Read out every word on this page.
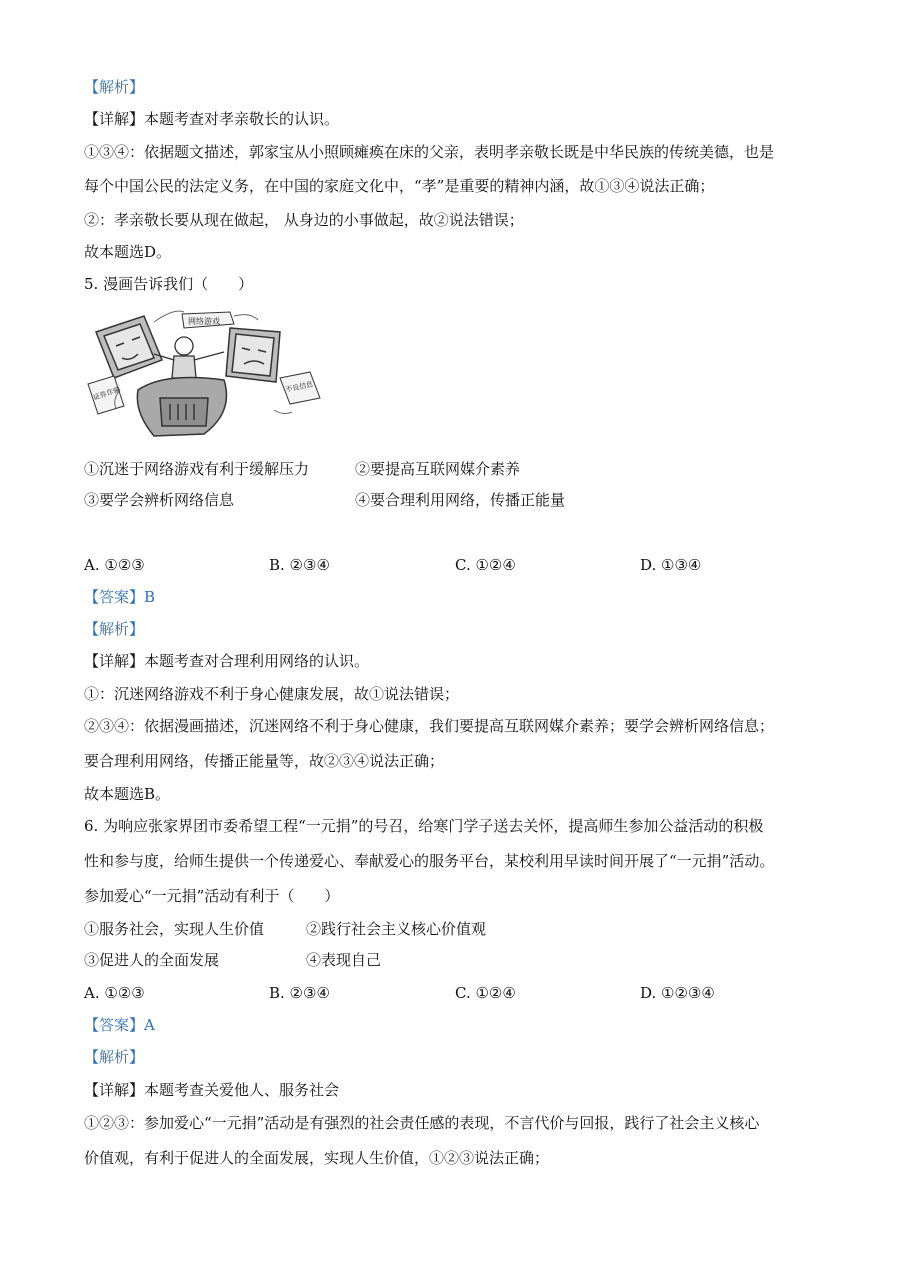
【解析】
【详解】本题考查对孝亲敬长的认识。
①③④：依据题文描述，郭家宝从小照顾瘫痪在床的父亲，表明孝亲敬长既是中华民族的传统美德，也是
每个中国公民的法定义务，在中国的家庭文化中，“孝”是重要的精神内涵，故①③④说法正确；
②：孝亲敬长要从现在做起， 从身边的小事做起，故②说法错误；
故本题选D。
5. 漫画告诉我们（　　）
网络游戏
证券诈骗	不良信息
①沉迷于网络游戏有利于缓解压力	②要提高互联网媒介素养
③要学会辨析网络信息	④要合理利用网络，传播正能量
A. ①②③	B. ②③④	C. ①②④	D. ①③④
【答案】B
【解析】
【详解】本题考查对合理利用网络的认识。
①：沉迷网络游戏不利于身心健康发展，故①说法错误；
②③④：依据漫画描述，沉迷网络不利于身心健康，我们要提高互联网媒介素养；要学会辨析网络信息；
要合理利用网络，传播正能量等，故②③④说法正确；
故本题选B。
6. 为响应张家界团市委希望工程“一元捐”的号召，给寒门学子送去关怀，提高师生参加公益活动的积极
性和参与度，给师生提供一个传递爱心、奉献爱心的服务平台，某校利用早读时间开展了“一元捐”活动。
参加爱心“一元捐”活动有利于（　　）
①服务社会，实现人生价值	②践行社会主义核心价值观
③促进人的全面发展	④表现自己
A. ①②③	B. ②③④	C. ①②④	D. ①②③④
【答案】A
【解析】
【详解】本题考查关爱他人、服务社会
①②③：参加爱心“一元捐”活动是有强烈的社会责任感的表现，不言代价与回报，践行了社会主义核心
价值观，有利于促进人的全面发展，实现人生价值，①②③说法正确；
